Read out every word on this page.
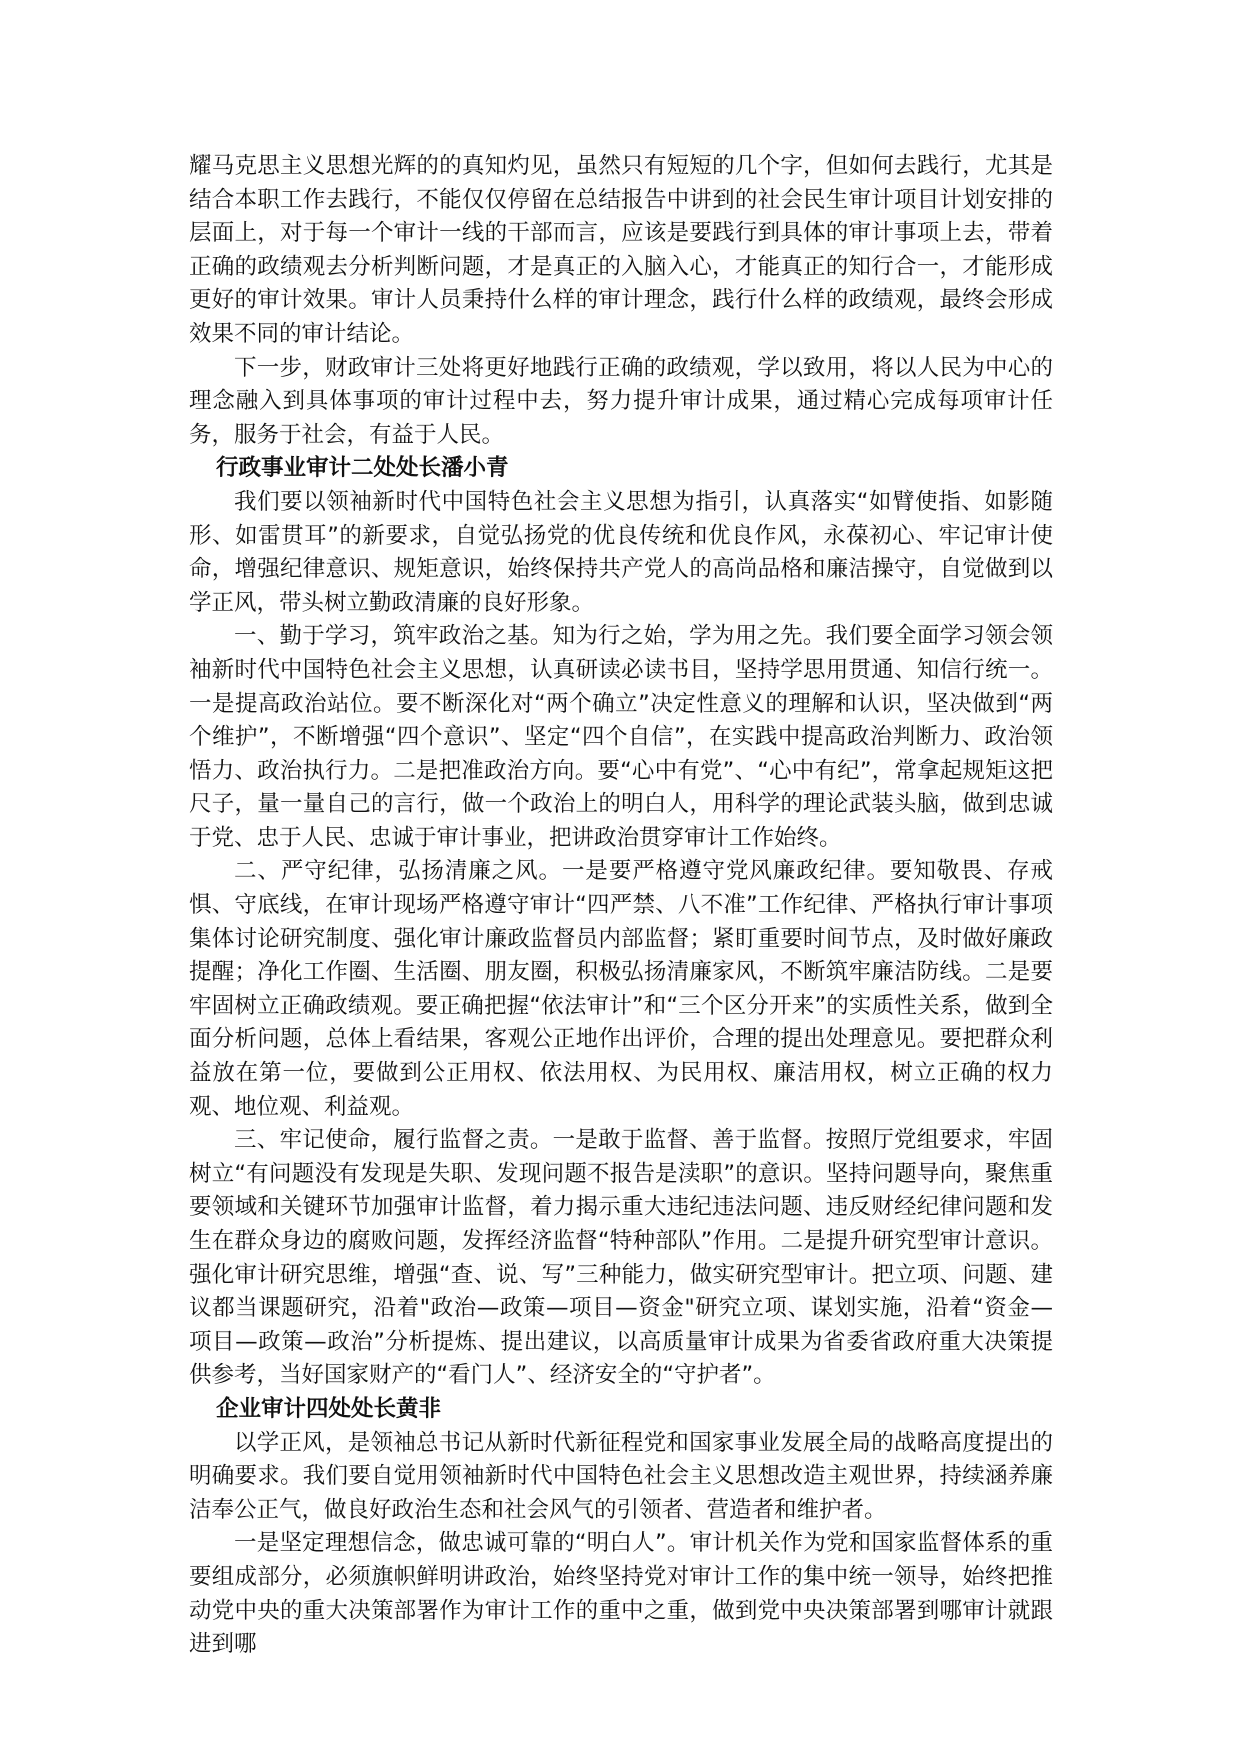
耀马克思主义思想光辉的的真知灼见，虽然只有短短的几个字，但如何去践行，尤其是结合本职工作去践行，不能仅仅停留在总结报告中讲到的社会民生审计项目计划安排的层面上，对于每一个审计一线的干部而言，应该是要践行到具体的审计事项上去，带着正确的政绩观去分析判断问题，才是真正的入脑入心，才能真正的知行合一，才能形成更好的审计效果。审计人员秉持什么样的审计理念，践行什么样的政绩观，最终会形成效果不同的审计结论。

下一步，财政审计三处将更好地践行正确的政绩观，学以致用，将以人民为中心的理念融入到具体事项的审计过程中去，努力提升审计成果，通过精心完成每项审计任务，服务于社会，有益于人民。

行政事业审计二处处长潘小青

我们要以领袖新时代中国特色社会主义思想为指引，认真落实“如臂使指、如影随形、如雷贯耳”的新要求，自觉弘扬党的优良传统和优良作风，永葆初心、牢记审计使命，增强纪律意识、规矩意识，始终保持共产党人的高尚品格和廉洁操守，自觉做到以学正风，带头树立勤政清廉的良好形象。

一、勤于学习，筑牢政治之基。知为行之始，学为用之先。我们要全面学习领会领袖新时代中国特色社会主义思想，认真研读必读书目，坚持学思用贯通、知信行统一。一是提高政治站位。要不断深化对“两个确立”决定性意义的理解和认识，坚决做到“两个维护”，不断增强“四个意识”、坚定“四个自信”，在实践中提高政治判断力、政治领悟力、政治执行力。二是把准政治方向。要“心中有党”、“心中有纪”，常拿起规矩这把尺子，量一量自己的言行，做一个政治上的明白人，用科学的理论武装头脑，做到忠诚于党、忠于人民、忠诚于审计事业，把讲政治贯穿审计工作始终。

二、严守纪律，弘扬清廉之风。一是要严格遵守党风廉政纪律。要知敬畏、存戒惧、守底线，在审计现场严格遵守审计“四严禁、八不准”工作纪律、严格执行审计事项集体讨论研究制度、强化审计廉政监督员内部监督；紧盯重要时间节点，及时做好廉政提醒；净化工作圈、生活圈、朋友圈，积极弘扬清廉家风，不断筑牢廉洁防线。二是要牢固树立正确政绩观。要正确把握“依法审计”和“三个区分开来”的实质性关系，做到全面分析问题，总体上看结果，客观公正地作出评价，合理的提出处理意见。要把群众利益放在第一位，要做到公正用权、依法用权、为民用权、廉洁用权，树立正确的权力观、地位观、利益观。

三、牢记使命，履行监督之责。一是敢于监督、善于监督。按照厅党组要求，牢固树立“有问题没有发现是失职、发现问题不报告是渎职”的意识。坚持问题导向，聚焦重要领域和关键环节加强审计监督，着力揭示重大违纪违法问题、违反财经纪律问题和发生在群众身边的腐败问题，发挥经济监督“特种部队”作用。二是提升研究型审计意识。强化审计研究思维，增强“查、说、写”三种能力，做实研究型审计。把立项、问题、建议都当课题研究，沿着"政治—政策—项目—资金"研究立项、谋划实施，沿着“资金—项目—政策—政治”分析提炼、提出建议，以高质量审计成果为省委省政府重大决策提供参考，当好国家财产的“看门人”、经济安全的“守护者”。

企业审计四处处长黄非

以学正风，是领袖总书记从新时代新征程党和国家事业发展全局的战略高度提出的明确要求。我们要自觉用领袖新时代中国特色社会主义思想改造主观世界，持续涵养廉洁奉公正气，做良好政治生态和社会风气的引领者、营造者和维护者。

一是坚定理想信念，做忠诚可靠的“明白人”。审计机关作为党和国家监督体系的重要组成部分，必须旗帜鲜明讲政治，始终坚持党对审计工作的集中统一领导，始终把推动党中央的重大决策部署作为审计工作的重中之重，做到党中央决策部署到哪审计就跟进到哪
